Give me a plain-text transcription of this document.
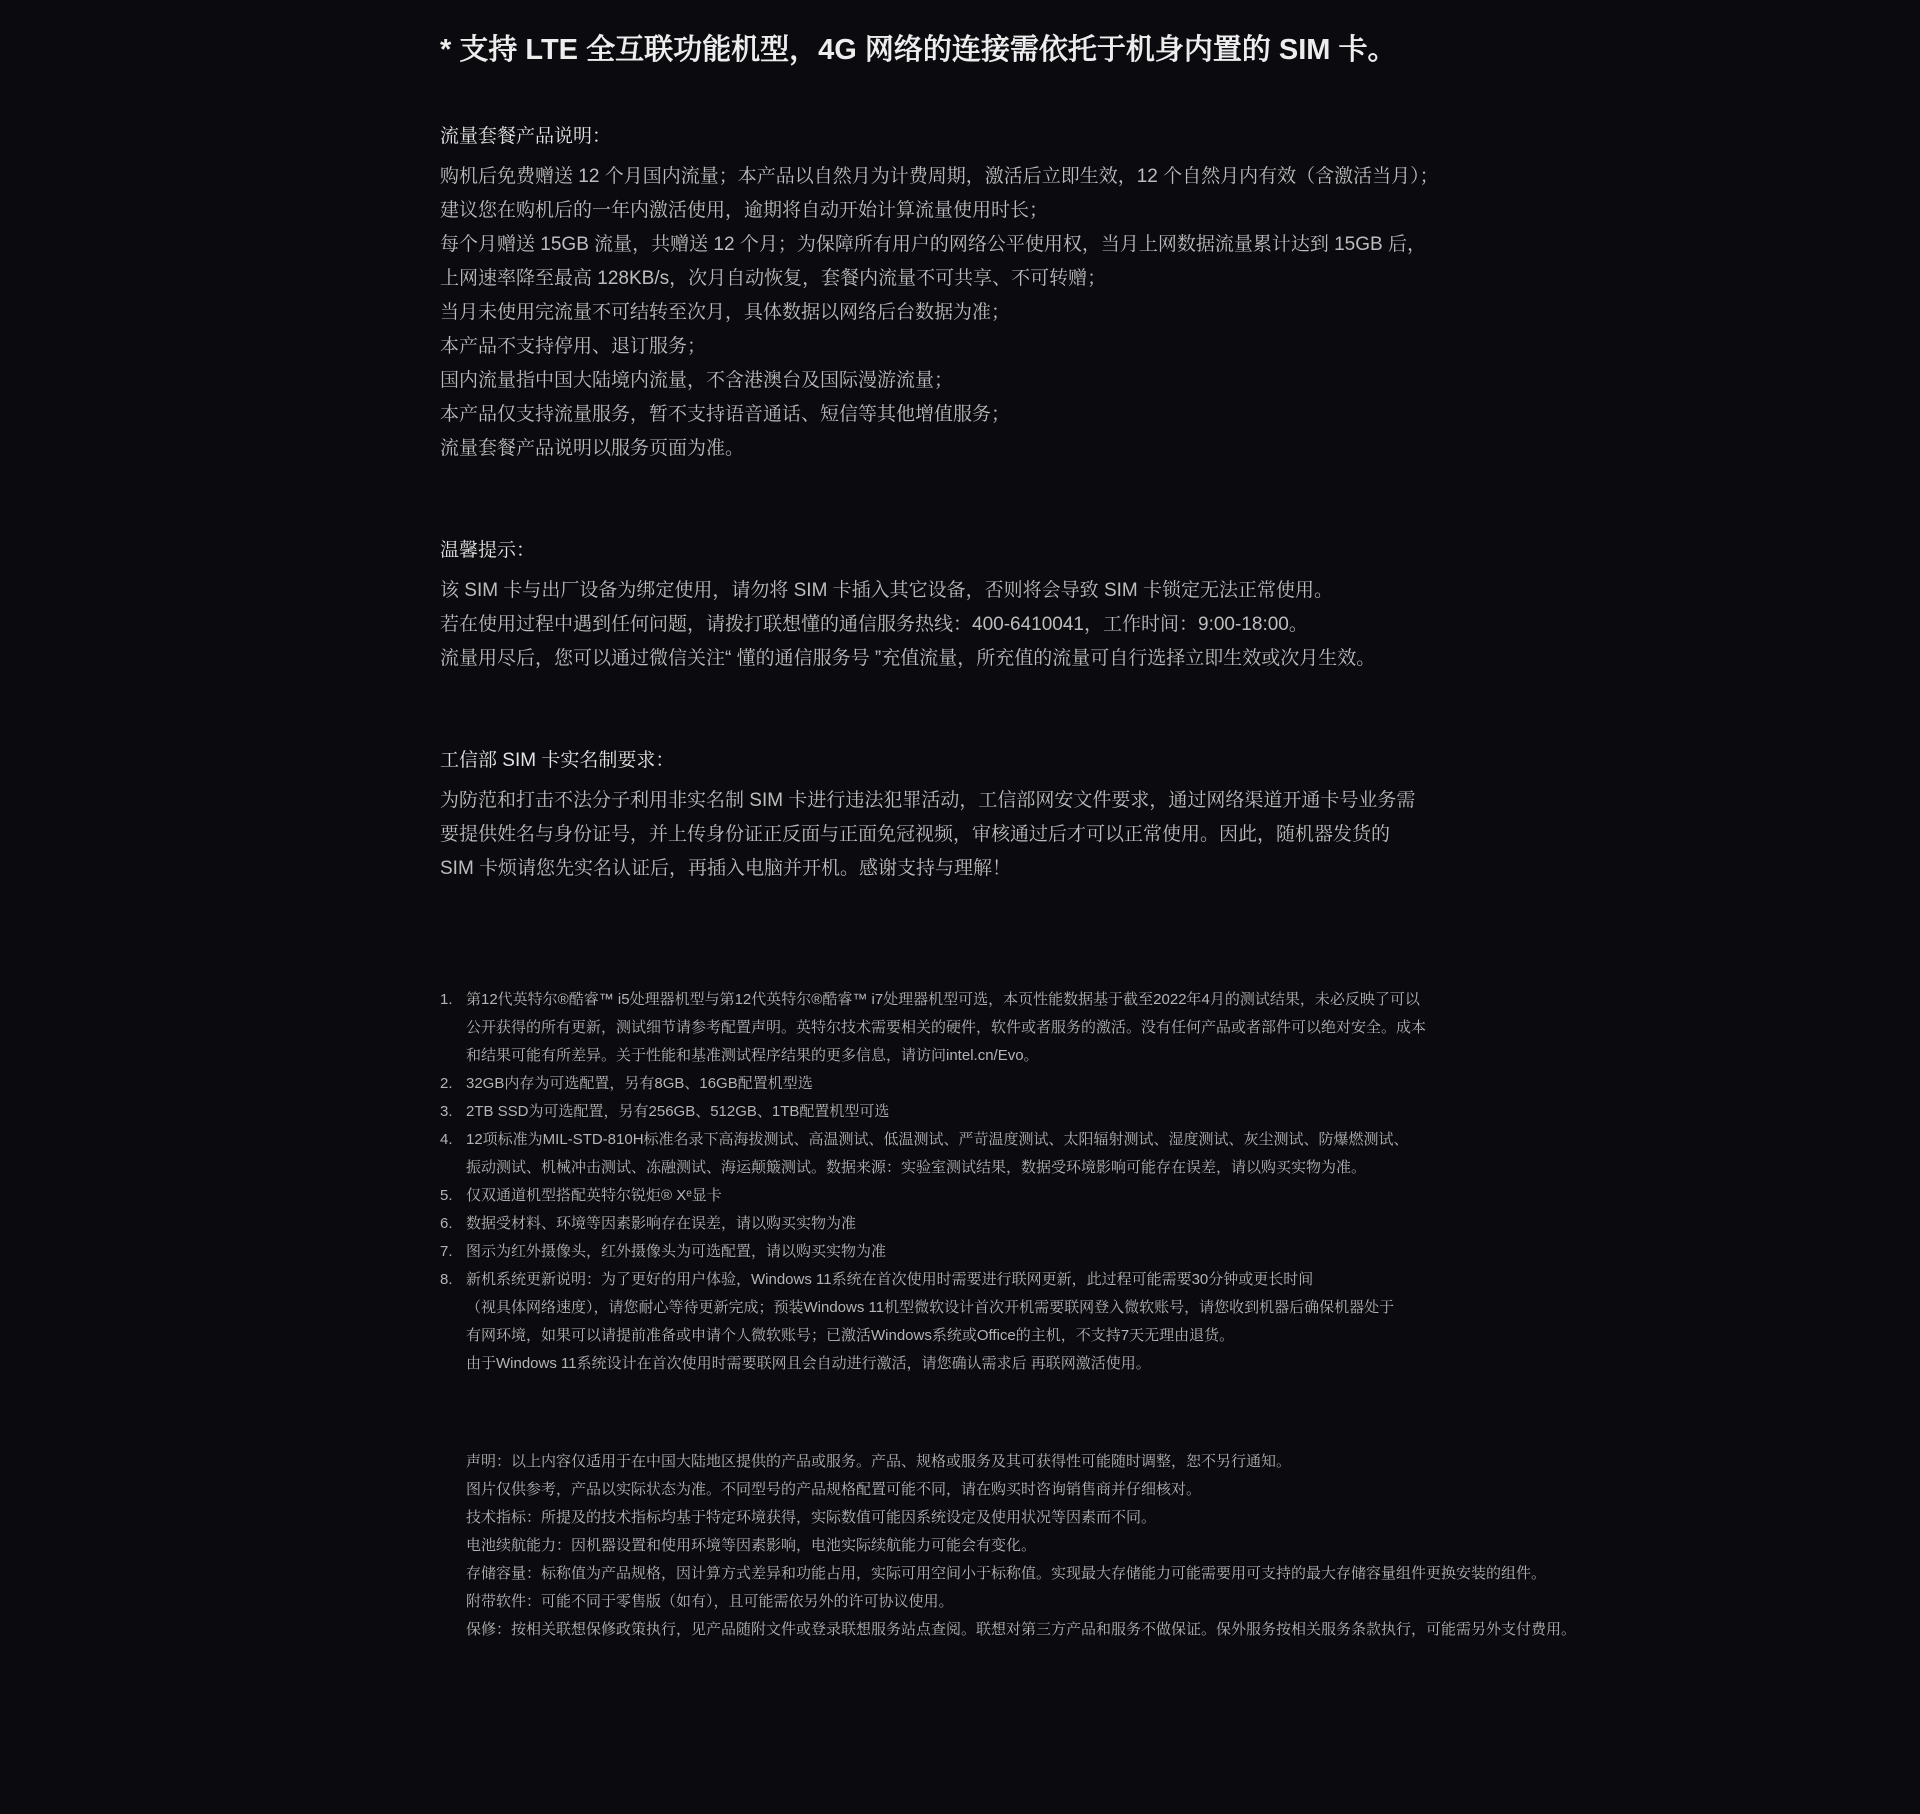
* 支持 LTE 全互联功能机型，4G 网络的连接需依托于机身内置的 SIM 卡。
流量套餐产品说明：

购机后免费赠送 12 个月国内流量；本产品以自然月为计费周期，激活后立即生效，12 个自然月内有效（含激活当月）；

建议您在购机后的一年内激活使用，逾期将自动开始计算流量使用时长；

每个月赠送 15GB 流量，共赠送 12 个月；为保障所有用户的网络公平使用权，当月上网数据流量累计达到 15GB 后，

上网速率降至最高 128KB/s，次月自动恢复，套餐内流量不可共享、不可转赠；

当月未使用完流量不可结转至次月，具体数据以网络后台数据为准；

本产品不支持停用、退订服务；

国内流量指中国大陆境内流量，不含港澳台及国际漫游流量；

本产品仅支持流量服务，暂不支持语音通话、短信等其他增值服务；

流量套餐产品说明以服务页面为准。

温馨提示：

该 SIM 卡与出厂设备为绑定使用，请勿将 SIM 卡插入其它设备，否则将会导致 SIM 卡锁定无法正常使用。

若在使用过程中遇到任何问题，请拨打联想懂的通信服务热线：400-6410041，工作时间：9:00-18:00。

流量用尽后，您可以通过微信关注“ 懂的通信服务号 ”充值流量，所充值的流量可自行选择立即生效或次月生效。

工信部 SIM 卡实名制要求：

为防范和打击不法分子利用非实名制 SIM 卡进行违法犯罪活动，工信部网安文件要求，通过网络渠道开通卡号业务需

要提供姓名与身份证号，并上传身份证正反面与正面免冠视频，审核通过后才可以正常使用。因此，随机器发货的

SIM 卡烦请您先实名认证后，再插入电脑并开机。感谢支持与理解！

1. 第12代英特尔®酷睿™ i5处理器机型与第12代英特尔®酷睿™ i7处理器机型可选，本页性能数据基于截至2022年4月的测试结果，未必反映了可以

公开获得的所有更新，测试细节请参考配置声明。英特尔技术需要相关的硬件，软件或者服务的激活。没有任何产品或者部件可以绝对安全。成本

和结果可能有所差异。关于性能和基准测试程序结果的更多信息，请访问intel.cn/Evo。

2. 32GB内存为可选配置，另有8GB、16GB配置机型选

3. 2TB SSD为可选配置，另有256GB、512GB、1TB配置机型可选

4. 12项标准为MIL-STD-810H标准名录下高海拔测试、高温测试、低温测试、严苛温度测试、太阳辐射测试、湿度测试、灰尘测试、防爆燃测试、

振动测试、机械冲击测试、冻融测试、海运颠簸测试。数据来源：实验室测试结果，数据受环境影响可能存在误差，请以购买实物为准。

5. 仅双通道机型搭配英特尔锐炬® Xᵉ显卡

6. 数据受材料、环境等因素影响存在误差，请以购买实物为准

7. 图示为红外摄像头，红外摄像头为可选配置，请以购买实物为准

8. 新机系统更新说明：为了更好的用户体验，Windows 11系统在首次使用时需要进行联网更新，此过程可能需要30分钟或更长时间

（视具体网络速度），请您耐心等待更新完成；预装Windows 11机型微软设计首次开机需要联网登入微软账号，请您收到机器后确保机器处于

有网环境，如果可以请提前准备或申请个人微软账号；已激活Windows系统或Office的主机，不支持7天无理由退货。

由于Windows 11系统设计在首次使用时需要联网且会自动进行激活，请您确认需求后 再联网激活使用。

声明：以上内容仅适用于在中国大陆地区提供的产品或服务。产品、规格或服务及其可获得性可能随时调整，恕不另行通知。

图片仅供参考，产品以实际状态为准。不同型号的产品规格配置可能不同，请在购买时咨询销售商并仔细核对。

技术指标：所提及的技术指标均基于特定环境获得，实际数值可能因系统设定及使用状况等因素而不同。

电池续航能力：因机器设置和使用环境等因素影响，电池实际续航能力可能会有变化。

存储容量：标称值为产品规格，因计算方式差异和功能占用，实际可用空间小于标称值。实现最大存储能力可能需要用可支持的最大存储容量组件更换安装的组件。

附带软件：可能不同于零售版（如有），且可能需依另外的许可协议使用。

保修：按相关联想保修政策执行，见产品随附文件或登录联想服务站点查阅。联想对第三方产品和服务不做保证。保外服务按相关服务条款执行，可能需另外支付费用。
